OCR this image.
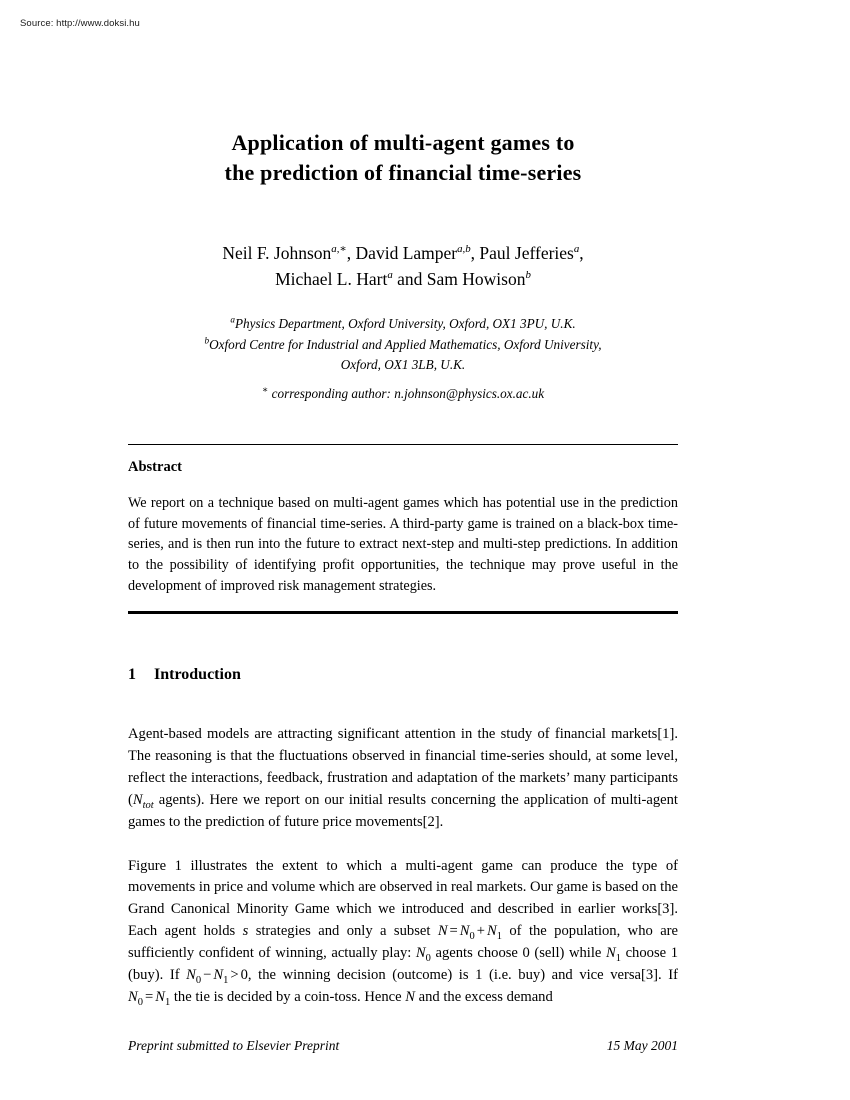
Source: http://www.doksi.hu
Application of multi-agent games to
the prediction of financial time-series
Neil F. Johnson$^{a,∗}$, David Lamper$^{a,b}$, Paul Jefferies$^a$,
Michael L. Hart$^a$ and Sam Howison$^b$
$^a$Physics Department, Oxford University, Oxford, OX1 3PU, U.K.
$^b$Oxford Centre for Industrial and Applied Mathematics, Oxford University,
Oxford, OX1 3LB, U.K.
∗ corresponding author: n.johnson@physics.ox.ac.uk
Abstract
We report on a technique based on multi-agent games which has potential use in the prediction of future movements of financial time-series. A third-party game is trained on a black-box time-series, and is then run into the future to extract next-step and multi-step predictions. In addition to the possibility of identifying profit opportunities, the technique may prove useful in the development of improved risk management strategies.
1 Introduction
Agent-based models are attracting significant attention in the study of financial markets[1]. The reasoning is that the fluctuations observed in financial time-series should, at some level, reflect the interactions, feedback, frustration and adaptation of the markets’ many participants ($N_{tot}$ agents). Here we report on our initial results concerning the application of multi-agent games to the prediction of future price movements[2].
Figure 1 illustrates the extent to which a multi-agent game can produce the type of movements in price and volume which are observed in real markets. Our game is based on the Grand Canonical Minority Game which we introduced and described in earlier works[3]. Each agent holds s strategies and only a subset $N = N_0 + N_1$ of the population, who are sufficiently confident of winning, actually play: $N_0$ agents choose 0 (sell) while $N_1$ choose 1 (buy). If $N_0 - N_1 > 0$, the winning decision (outcome) is 1 (i.e. buy) and vice versa[3]. If $N_0 = N_1$ the tie is decided by a coin-toss. Hence N and the excess demand
Preprint submitted to Elsevier Preprint	15 May 2001
